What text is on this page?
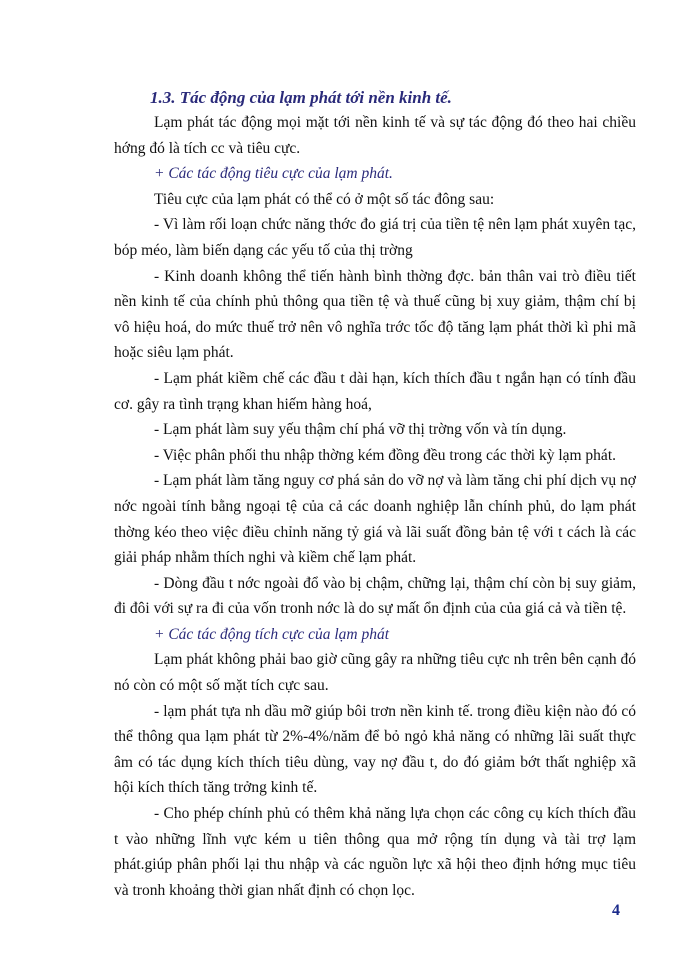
1.3. Tác động của lạm phát tới nền kinh tế.

Lạm phát tác động mọi mặt tới nền kinh tế và sự tác động đó theo hai chiều hớng đó là tích cc và tiêu cực.

+ Các tác động tiêu cực của lạm phát.

Tiêu cực của lạm phát có thể có ở một số tác đông sau:

- Vì làm rối loạn chức năng thớc đo giá trị của tiền tệ nên lạm phát xuyên tạc, bóp méo, làm biến dạng các yếu tố của thị trờng

- Kinh doanh không thể tiến hành bình thờng đợc. bản thân vai trò điều tiết nền kinh tế của chính phủ thông qua tiền tệ và thuế cũng bị xuy giảm, thậm chí bị vô hiệu hoá, do mức thuế trở nên vô nghĩa trớc tốc độ tăng lạm phát thời kì phi mã hoặc siêu lạm phát.

- Lạm phát kiềm chế các đầu t dài hạn, kích thích đầu t ngắn hạn có tính đầu cơ. gây ra tình trạng khan hiếm hàng hoá,

- Lạm phát làm suy yếu thậm chí phá vỡ thị trờng vốn và tín dụng.

- Việc phân phối thu nhập thờng kém đồng đều trong các thời kỳ lạm phát.

- Lạm phát làm tăng nguy cơ phá sản do vỡ nợ và làm tăng chi phí dịch vụ nợ nớc ngoài tính bằng ngoại tệ của cả các doanh nghiệp lẫn chính phủ, do lạm phát thờng kéo theo việc điều chỉnh năng tỷ giá và lãi suất đồng bản tệ với t cách là các giải pháp nhằm thích nghi và kiềm chế lạm phát.

- Dòng đầu t nớc ngoài đổ vào bị chậm, chững lại, thậm chí còn bị suy giảm, đi đôi với sự ra đi của vốn tronh nớc là do sự mất ổn định của của giá cả và tiền tệ.

+ Các tác động tích cực của lạm phát

Lạm phát không phải bao giờ cũng gây ra những tiêu cực nh trên bên cạnh đó nó còn có một số mặt tích cực sau.

- lạm phát tựa nh dầu mỡ giúp bôi trơn nền kinh tế. trong điều kiện nào đó có thể thông qua lạm phát từ 2%-4%/năm để bỏ ngỏ khả năng có những lãi suất thực âm có tác dụng kích thích tiêu dùng, vay nợ đầu t, do đó giảm bớt thất nghiệp xã hội kích thích tăng trởng kinh tế.

- Cho phép chính phủ có thêm khả năng lựa chọn các công cụ kích thích đầu t vào những lĩnh vực kém u tiên thông qua mở rộng tín dụng và tài trợ lạm phát.giúp phân phối lại thu nhập và các nguồn lực xã hội theo định hớng mục tiêu và tronh khoảng thời gian nhất định có chọn lọc.

4
